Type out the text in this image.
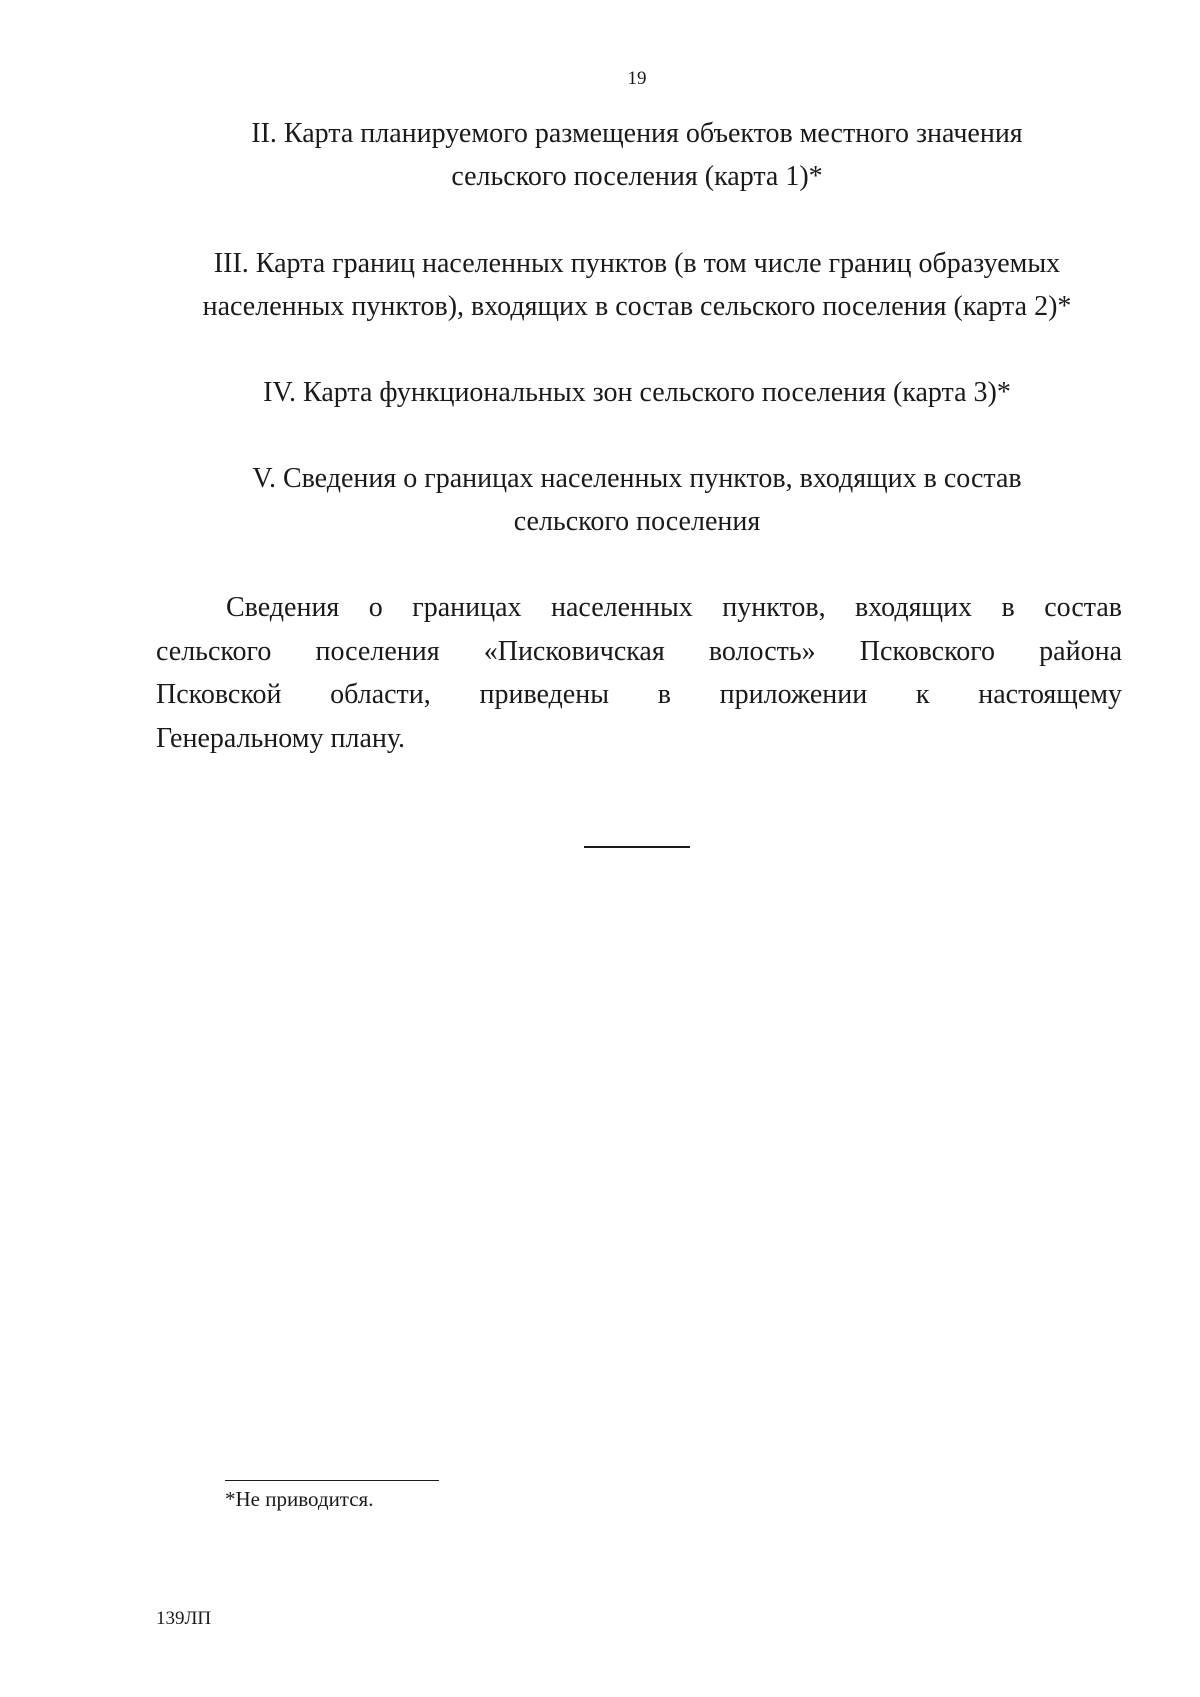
19
II. Карта планируемого размещения объектов местного значения
сельского поселения (карта 1)*
III. Карта границ населенных пунктов (в том числе границ образуемых
населенных пунктов), входящих в состав сельского поселения (карта 2)*
IV. Карта функциональных зон сельского поселения (карта 3)*
V. Сведения о границах населенных пунктов, входящих в состав
сельского поселения

Сведения о границах населенных пунктов, входящих в состав
сельского поселения «Писковичская волость» Псковского района
Псковской области, приведены в приложении к настоящему
Генеральному плану.

*Не приводится.
139ЛП
